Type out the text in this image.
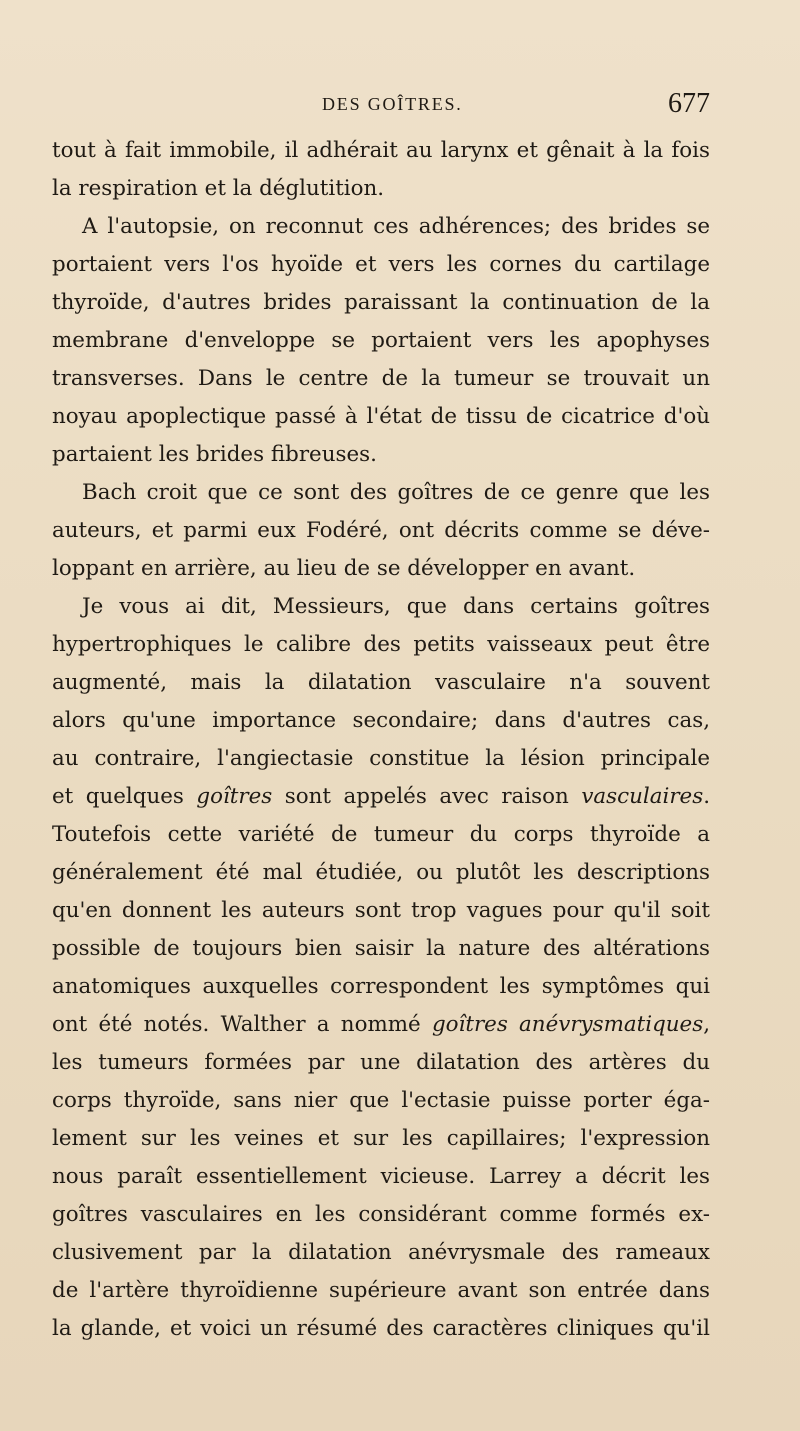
DES GOÎTRES.	677
tout à fait immobile, il adhérait au larynx et gênait à la fois
la respiration et la déglutition.
A l'autopsie, on reconnut ces adhérences; des brides se
portaient vers l'os hyoïde et vers les cornes du cartilage
thyroïde, d'autres brides paraissant la continuation de la
membrane d'enveloppe se portaient vers les apophyses
transverses. Dans le centre de la tumeur se trouvait un
noyau apoplectique passé à l'état de tissu de cicatrice d'où
partaient les brides fibreuses.
Bach croit que ce sont des goîtres de ce genre que les
auteurs, et parmi eux Fodéré, ont décrits comme se déve-
loppant en arrière, au lieu de se développer en avant.
Je vous ai dit, Messieurs, que dans certains goîtres
hypertrophiques le calibre des petits vaisseaux peut être
augmenté, mais la dilatation vasculaire n'a souvent
alors qu'une importance secondaire; dans d'autres cas,
au contraire, l'angiectasie constitue la lésion principale
et quelques goîtres sont appelés avec raison vasculaires.
Toutefois cette variété de tumeur du corps thyroïde a
généralement été mal étudiée, ou plutôt les descriptions
qu'en donnent les auteurs sont trop vagues pour qu'il soit
possible de toujours bien saisir la nature des altérations
anatomiques auxquelles correspondent les symptômes qui
ont été notés. Walther a nommé goîtres anévrysmatiques,
les tumeurs formées par une dilatation des artères du
corps thyroïde, sans nier que l'ectasie puisse porter éga-
lement sur les veines et sur les capillaires; l'expression
nous paraît essentiellement vicieuse. Larrey a décrit les
goîtres vasculaires en les considérant comme formés ex-
clusivement par la dilatation anévrysmale des rameaux
de l'artère thyroïdienne supérieure avant son entrée dans
la glande, et voici un résumé des caractères cliniques qu'il
